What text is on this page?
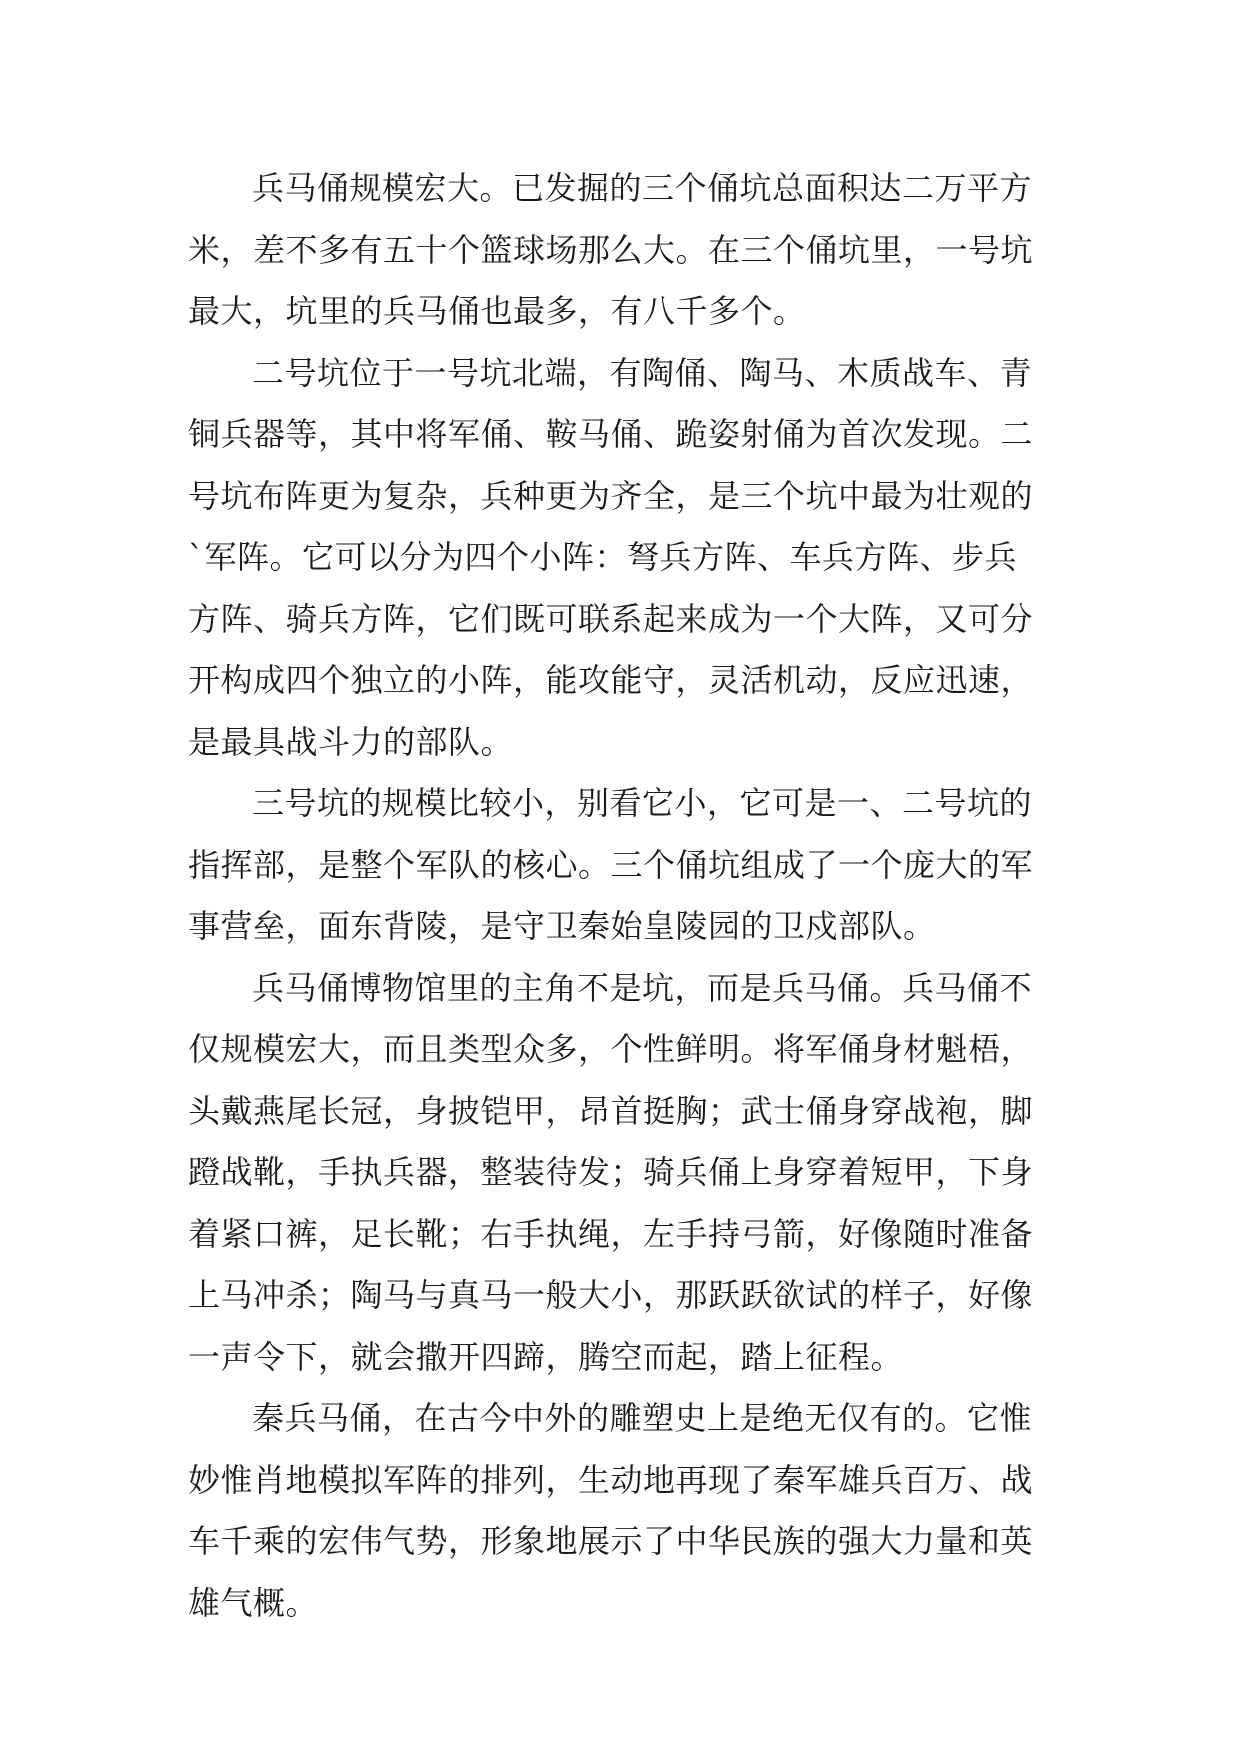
兵马俑规模宏大。已发掘的三个俑坑总面积达二万平方
米，差不多有五十个篮球场那么大。在三个俑坑里，一号坑
最大，坑里的兵马俑也最多，有八千多个。

二号坑位于一号坑北端，有陶俑、陶马、木质战车、青
铜兵器等，其中将军俑、鞍马俑、跪姿射俑为首次发现。二
号坑布阵更为复杂，兵种更为齐全，是三个坑中最为壮观的
`军阵。它可以分为四个小阵：弩兵方阵、车兵方阵、步兵
方阵、骑兵方阵，它们既可联系起来成为一个大阵，又可分
开构成四个独立的小阵，能攻能守，灵活机动，反应迅速，
是最具战斗力的部队。

三号坑的规模比较小，别看它小，它可是一、二号坑的
指挥部，是整个军队的核心。三个俑坑组成了一个庞大的军
事营垒，面东背陵，是守卫秦始皇陵园的卫戍部队。

兵马俑博物馆里的主角不是坑，而是兵马俑。兵马俑不
仅规模宏大，而且类型众多，个性鲜明。将军俑身材魁梧，
头戴燕尾长冠，身披铠甲，昂首挺胸；武士俑身穿战袍，脚
蹬战靴，手执兵器，整装待发；骑兵俑上身穿着短甲，下身
着紧口裤，足长靴；右手执绳，左手持弓箭，好像随时准备
上马冲杀；陶马与真马一般大小，那跃跃欲试的样子，好像
一声令下，就会撒开四蹄，腾空而起，踏上征程。

秦兵马俑，在古今中外的雕塑史上是绝无仅有的。它惟
妙惟肖地模拟军阵的排列，生动地再现了秦军雄兵百万、战
车千乘的宏伟气势，形象地展示了中华民族的强大力量和英
雄气概。
